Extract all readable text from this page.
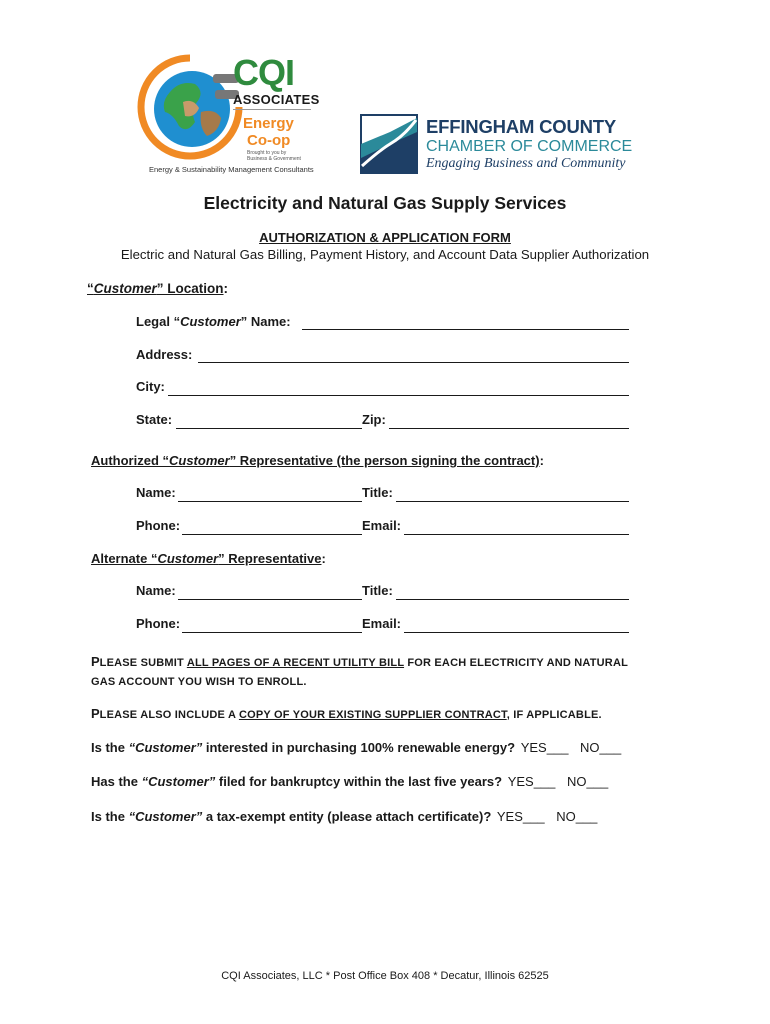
CQI
ASSOCIATES
Energy
Co-op
Brought to you by
Business & Government
Energy & Sustainability Management Consultants
EFFINGHAM COUNTY
CHAMBER OF COMMERCE
Engaging Business and Community
Electricity and Natural Gas Supply Services
AUTHORIZATION & APPLICATION FORM
Electric and Natural Gas Billing, Payment History, and Account Data Supplier Authorization
“Customer” Location:
Legal “Customer” Name:
Address:
City:
State:	Zip:
Authorized “Customer” Representative (the person signing the contract):
Name:	Title:
Phone:	Email:
Alternate “Customer” Representative:
Name:	Title:
Phone:	Email:
PLEASE SUBMIT ALL PAGES OF A RECENT UTILITY BILL FOR EACH ELECTRICITY AND NATURAL
GAS ACCOUNT YOU WISH TO ENROLL.
PLEASE ALSO INCLUDE A COPY OF YOUR EXISTING SUPPLIER CONTRACT, IF APPLICABLE.
Is the “Customer” interested in purchasing 100% renewable energy? YES___ NO___
Has the “Customer” filed for bankruptcy within the last five years? YES___ NO___
Is the “Customer” a tax-exempt entity (please attach certificate)? YES___ NO___
CQI Associates, LLC * Post Office Box 408 * Decatur, Illinois 62525
